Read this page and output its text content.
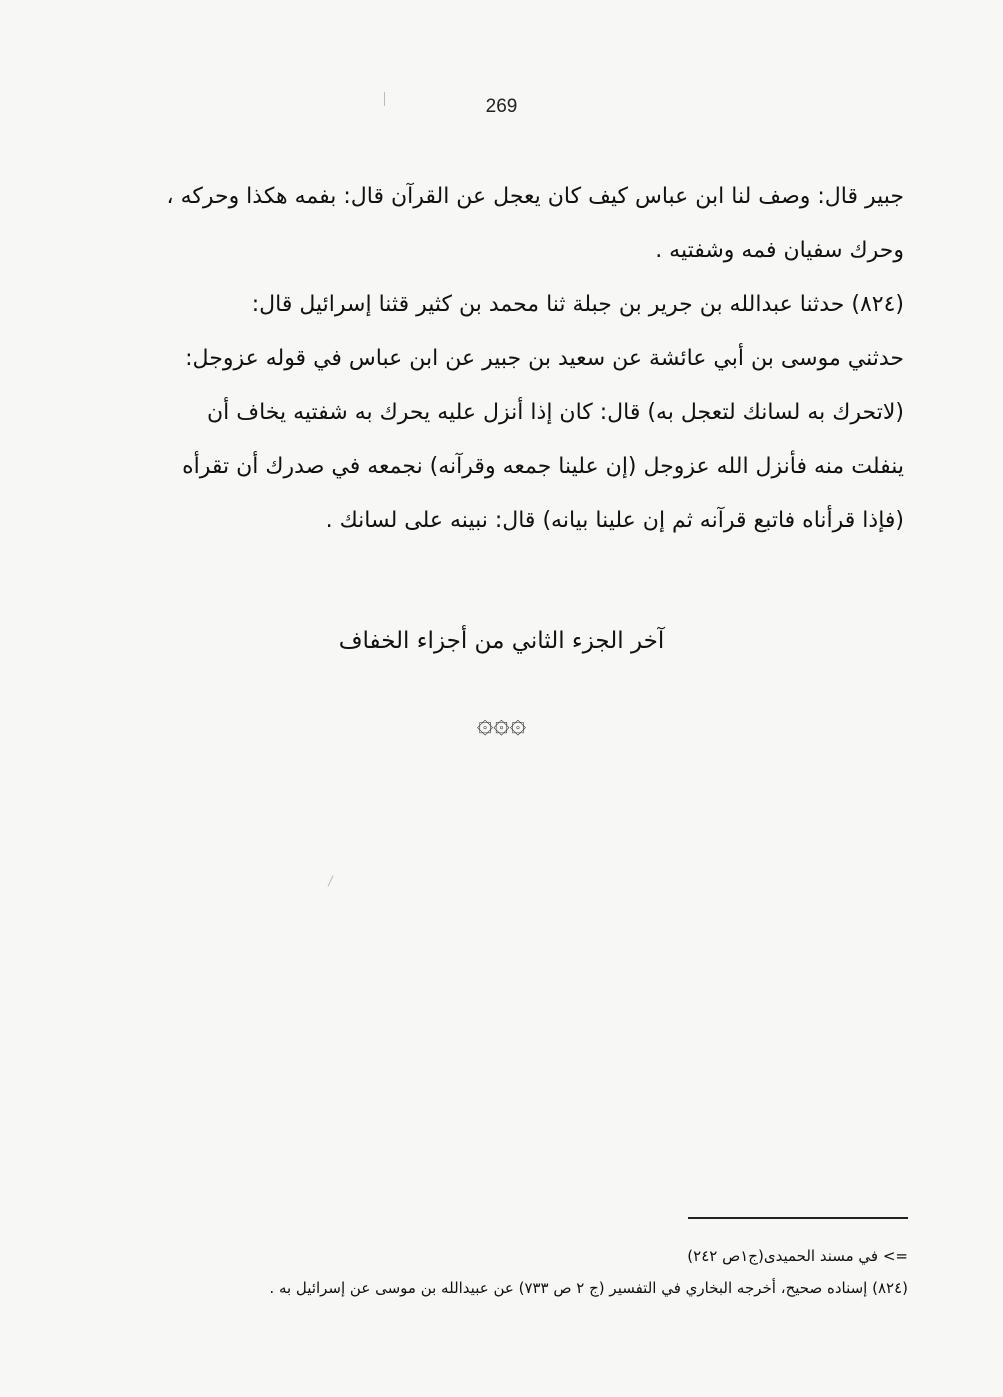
269
جبير قال: وصف لنا ابن عباس كيف كان يعجل عن القرآن قال: بفمه هكذا وحركه ،
وحرك سفيان فمه وشفتيه .
(٨٢٤) حدثنا عبدالله بن جرير بن جبلة ثنا محمد بن كثير قثنا إسرائيل قال:
حدثني موسى بن أبي عائشة عن سعيد بن جبير عن ابن عباس في قوله عزوجل:
(لاتحرك به لسانك لتعجل به) قال: كان إذا أنزل عليه يحرك به شفتيه يخاف أن
ينفلت منه فأنزل الله عزوجل (إن علينا جمعه وقرآنه) نجمعه في صدرك أن تقرأه
(فإذا قرأناه فاتبع قرآنه ثم إن علينا بيانه) قال: نبينه على لسانك .
آخر الجزء الثاني من أجزاء الخفاف
۞۞۞
=> في مسند الحميدى(ج١ص ٢٤٢)
(٨٢٤) إسناده صحيح، أخرجه البخاري في التفسير (ج ٢ ص ٧٣٣) عن عبيدالله بن موسى عن إسرائيل به .
